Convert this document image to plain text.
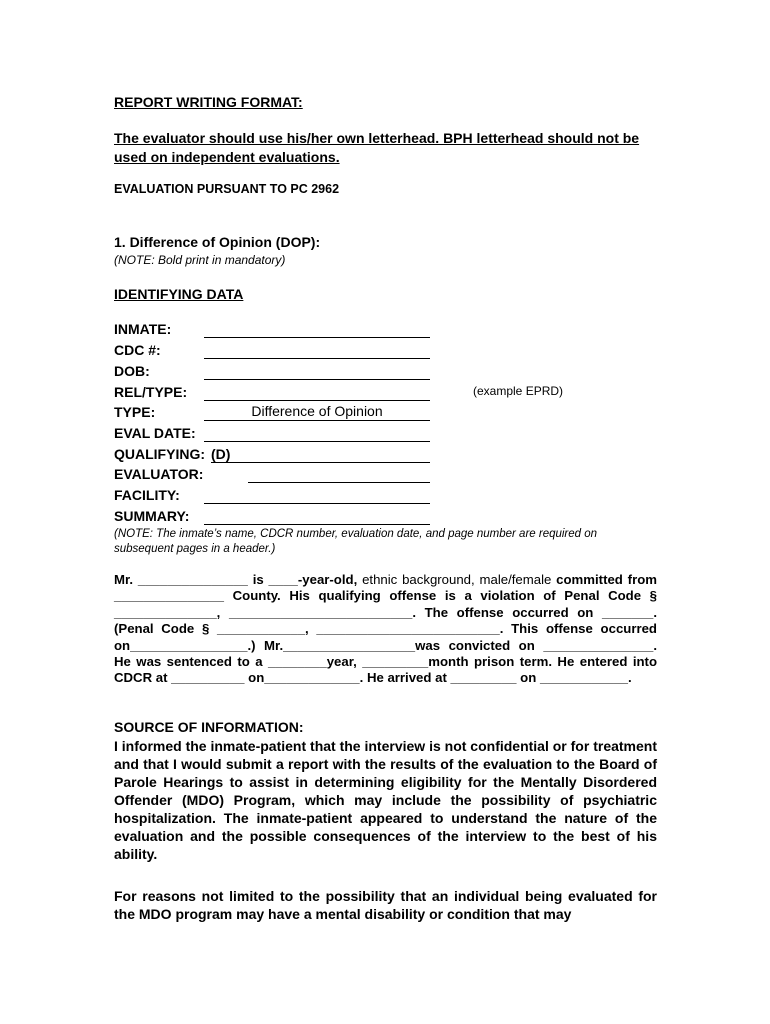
REPORT WRITING FORMAT:
The evaluator should use his/her own letterhead. BPH letterhead should not be used on independent evaluations.
EVALUATION PURSUANT TO PC 2962
1. Difference of Opinion (DOP):
(NOTE: Bold print in mandatory)
IDENTIFYING DATA
INMATE:
CDC #:
DOB:
REL/TYPE:	(example EPRD)
TYPE:	Difference of Opinion
EVAL DATE:
QUALIFYING: (D)
EVALUATOR:
FACILITY:
SUMMARY:
(NOTE: The inmate’s name, CDCR number, evaluation date, and page number are required on subsequent pages in a header.)

Mr. _______________ is ____-year-old, ethnic background, male/female committed from _______________ County. His qualifying offense is a violation of Penal Code § ______________, _________________________. The offense occurred on _______. (Penal Code § ____________, _________________________. This offense occurred on________________.) Mr.__________________was convicted on _______________. He was sentenced to a ________year, _________month prison term. He entered into CDCR at __________ on_____________. He arrived at _________ on ____________.

SOURCE OF INFORMATION:

I informed the inmate-patient that the interview is not confidential or for treatment and that I would submit a report with the results of the evaluation to the Board of Parole Hearings to assist in determining eligibility for the Mentally Disordered Offender (MDO) Program, which may include the possibility of psychiatric hospitalization. The inmate-patient appeared to understand the nature of the evaluation and the possible consequences of the interview to the best of his ability.

For reasons not limited to the possibility that an individual being evaluated for the MDO program may have a mental disability or condition that may
